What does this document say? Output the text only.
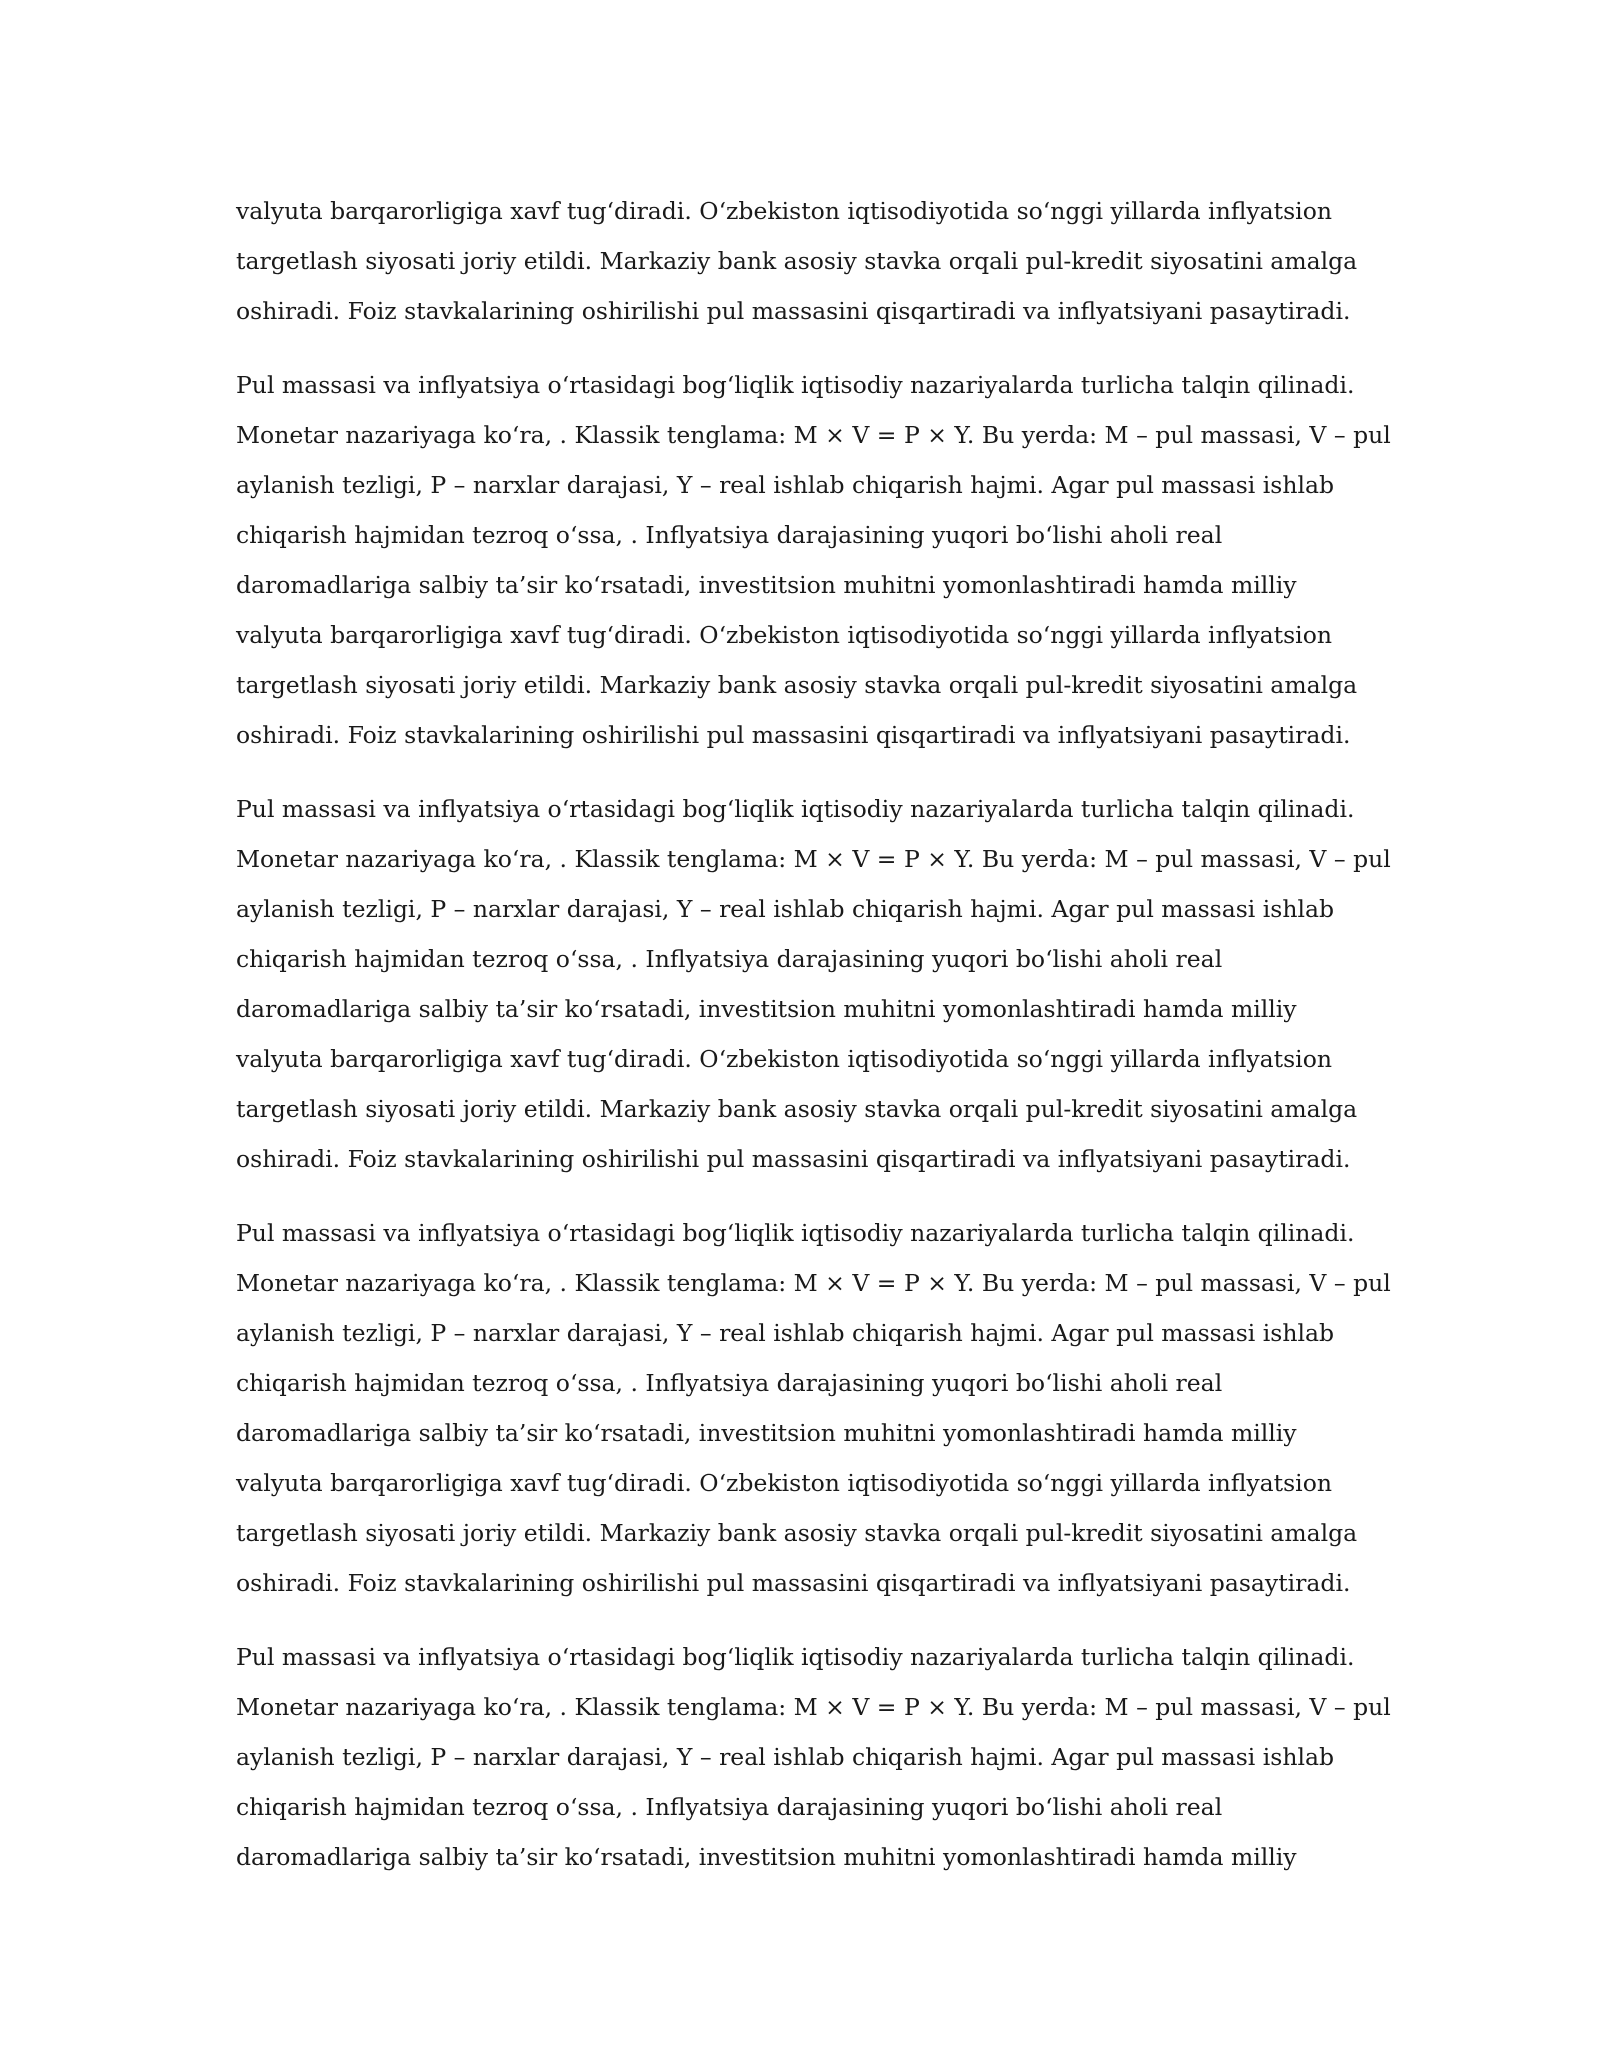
valyuta barqarorligiga xavf tug‘diradi. O‘zbekiston iqtisodiyotida so‘nggi yillarda inflyatsion
targetlash siyosati joriy etildi. Markaziy bank asosiy stavka orqali pul-kredit siyosatini amalga
oshiradi. Foiz stavkalarining oshirilishi pul massasini qisqartiradi va inflyatsiyani pasaytiradi.

Pul massasi va inflyatsiya o‘rtasidagi bog‘liqlik iqtisodiy nazariyalarda turlicha talqin qilinadi.
Monetar nazariyaga ko‘ra, . Klassik tenglama: M × V = P × Y. Bu yerda: M – pul massasi, V – pul
aylanish tezligi, P – narxlar darajasi, Y – real ishlab chiqarish hajmi. Agar pul massasi ishlab
chiqarish hajmidan tezroq o‘ssa, . Inflyatsiya darajasining yuqori bo‘lishi aholi real
daromadlariga salbiy ta’sir ko‘rsatadi, investitsion muhitni yomonlashtiradi hamda milliy
valyuta barqarorligiga xavf tug‘diradi. O‘zbekiston iqtisodiyotida so‘nggi yillarda inflyatsion
targetlash siyosati joriy etildi. Markaziy bank asosiy stavka orqali pul-kredit siyosatini amalga
oshiradi. Foiz stavkalarining oshirilishi pul massasini qisqartiradi va inflyatsiyani pasaytiradi.

Pul massasi va inflyatsiya o‘rtasidagi bog‘liqlik iqtisodiy nazariyalarda turlicha talqin qilinadi.
Monetar nazariyaga ko‘ra, . Klassik tenglama: M × V = P × Y. Bu yerda: M – pul massasi, V – pul
aylanish tezligi, P – narxlar darajasi, Y – real ishlab chiqarish hajmi. Agar pul massasi ishlab
chiqarish hajmidan tezroq o‘ssa, . Inflyatsiya darajasining yuqori bo‘lishi aholi real
daromadlariga salbiy ta’sir ko‘rsatadi, investitsion muhitni yomonlashtiradi hamda milliy
valyuta barqarorligiga xavf tug‘diradi. O‘zbekiston iqtisodiyotida so‘nggi yillarda inflyatsion
targetlash siyosati joriy etildi. Markaziy bank asosiy stavka orqali pul-kredit siyosatini amalga
oshiradi. Foiz stavkalarining oshirilishi pul massasini qisqartiradi va inflyatsiyani pasaytiradi.

Pul massasi va inflyatsiya o‘rtasidagi bog‘liqlik iqtisodiy nazariyalarda turlicha talqin qilinadi.
Monetar nazariyaga ko‘ra, . Klassik tenglama: M × V = P × Y. Bu yerda: M – pul massasi, V – pul
aylanish tezligi, P – narxlar darajasi, Y – real ishlab chiqarish hajmi. Agar pul massasi ishlab
chiqarish hajmidan tezroq o‘ssa, . Inflyatsiya darajasining yuqori bo‘lishi aholi real
daromadlariga salbiy ta’sir ko‘rsatadi, investitsion muhitni yomonlashtiradi hamda milliy
valyuta barqarorligiga xavf tug‘diradi. O‘zbekiston iqtisodiyotida so‘nggi yillarda inflyatsion
targetlash siyosati joriy etildi. Markaziy bank asosiy stavka orqali pul-kredit siyosatini amalga
oshiradi. Foiz stavkalarining oshirilishi pul massasini qisqartiradi va inflyatsiyani pasaytiradi.

Pul massasi va inflyatsiya o‘rtasidagi bog‘liqlik iqtisodiy nazariyalarda turlicha talqin qilinadi.
Monetar nazariyaga ko‘ra, . Klassik tenglama: M × V = P × Y. Bu yerda: M – pul massasi, V – pul
aylanish tezligi, P – narxlar darajasi, Y – real ishlab chiqarish hajmi. Agar pul massasi ishlab
chiqarish hajmidan tezroq o‘ssa, . Inflyatsiya darajasining yuqori bo‘lishi aholi real
daromadlariga salbiy ta’sir ko‘rsatadi, investitsion muhitni yomonlashtiradi hamda milliy
